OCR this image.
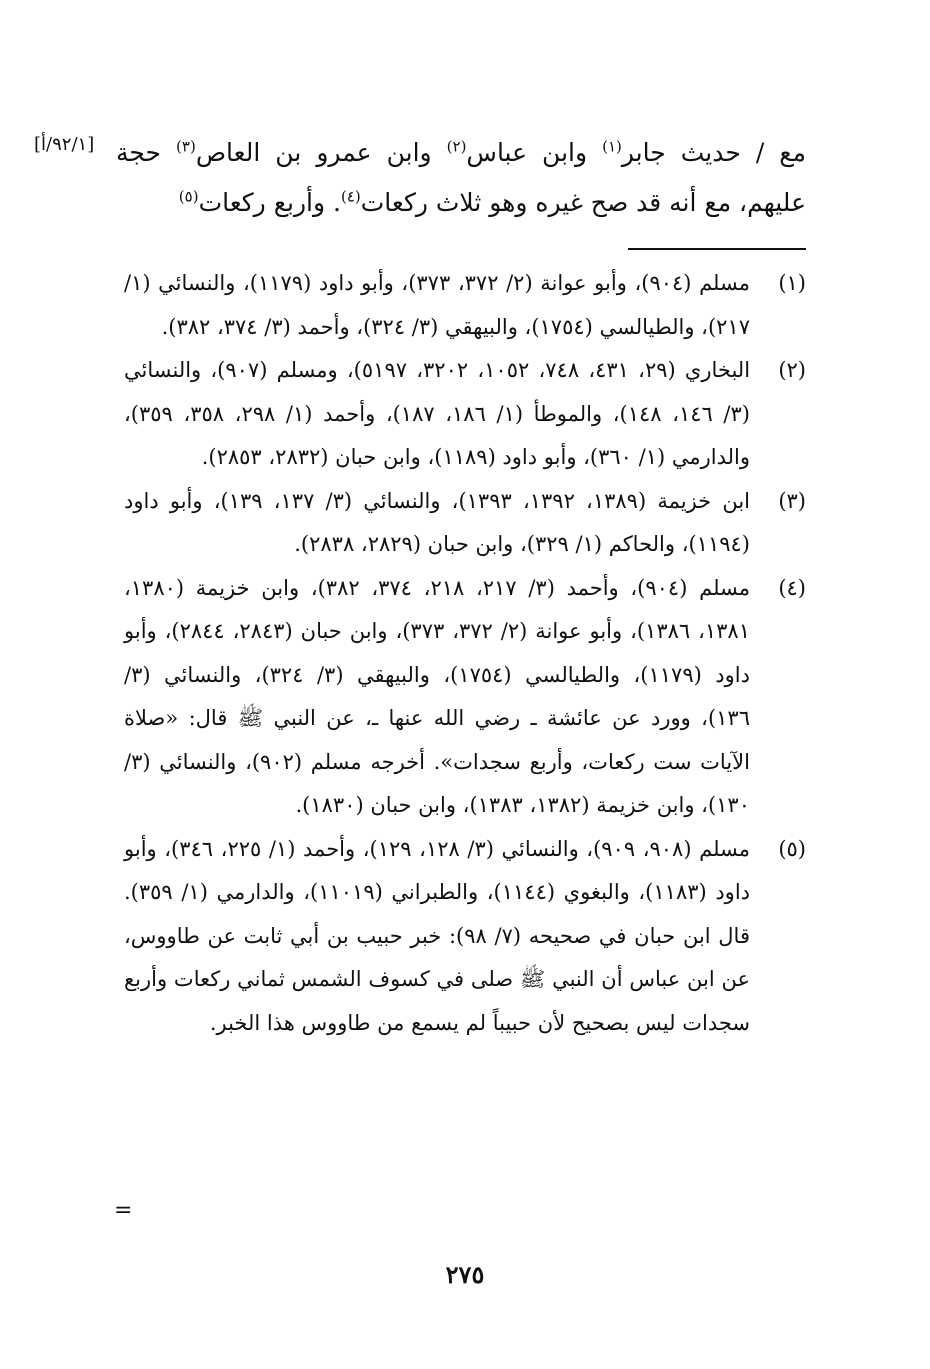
[٩٢/١/أ]	مع / حديث جابر$^{(١)}$ وابن عباس$^{(٢)}$ وابن عمرو بن العاص$^{(٣)}$ حجة عليهم، مع أنه قد صح غيره وهو ثلاث ركعات$^{(٤)}$. وأربع ركعات$^{(٥)}$
(١)
مسلم (٩٠٤)، وأبو عوانة (٢/ ٣٧٢، ٣٧٣)، وأبو داود (١١٧٩)، والنسائي (١/ ٢١٧)، والطيالسي (١٧٥٤)، والبيهقي (٣/ ٣٢٤)، وأحمد (٣/ ٣٧٤، ٣٨٢).
(٢)
البخاري (٢٩، ٤٣١، ٧٤٨، ١٠٥٢، ٣٢٠٢، ٥١٩٧)، ومسلم (٩٠٧)، والنسائي (٣/ ١٤٦، ١٤٨)، والموطأ (١/ ١٨٦، ١٨٧)، وأحمد (١/ ٢٩٨، ٣٥٨، ٣٥٩)، والدارمي (١/ ٣٦٠)، وأبو داود (١١٨٩)، وابن حبان (٢٨٣٢، ٢٨٥٣).
(٣)
ابن خزيمة (١٣٨٩، ١٣٩٢، ١٣٩٣)، والنسائي (٣/ ١٣٧، ١٣٩)، وأبو داود (١١٩٤)، والحاكم (١/ ٣٢٩)، وابن حبان (٢٨٢٩، ٢٨٣٨).
(٤)
مسلم (٩٠٤)، وأحمد (٣/ ٢١٧، ٢١٨، ٣٧٤، ٣٨٢)، وابن خزيمة (١٣٨٠، ١٣٨١، ١٣٨٦)، وأبو عوانة (٢/ ٣٧٢، ٣٧٣)، وابن حبان (٢٨٤٣، ٢٨٤٤)، وأبو داود (١١٧٩)، والطيالسي (١٧٥٤)، والبيهقي (٣/ ٣٢٤)، والنسائي (٣/ ١٣٦)، وورد عن عائشة ـ رضي الله عنها ـ، عن النبي ﷺ قال: «صلاة الآيات ست ركعات، وأربع سجدات». أخرجه مسلم (٩٠٢)، والنسائي (٣/ ١٣٠)، وابن خزيمة (١٣٨٢، ١٣٨٣)، وابن حبان (١٨٣٠).
(٥)
مسلم (٩٠٨، ٩٠٩)، والنسائي (٣/ ١٢٨، ١٢٩)، وأحمد (١/ ٢٢٥، ٣٤٦)، وأبو داود (١١٨٣)، والبغوي (١١٤٤)، والطبراني (١١٠١٩)، والدارمي (١/ ٣٥٩). قال ابن حبان في صحيحه (٧/ ٩٨): خبر حبيب بن أبي ثابت عن طاووس، عن ابن عباس أن النبي ﷺ صلى في كسوف الشمس ثماني ركعات وأربع سجدات ليس بصحيح لأن حبيباً لم يسمع من طاووس هذا الخبر.
=
٢٧٥
